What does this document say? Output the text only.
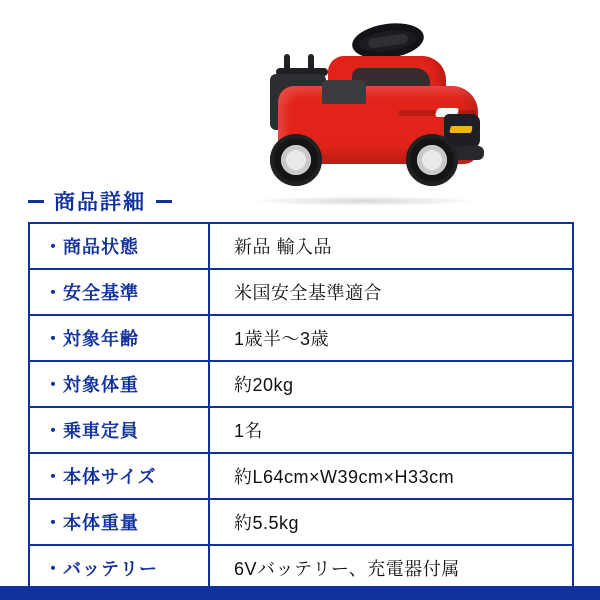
商品詳細
・商品状態	新品 輸入品
・安全基準	米国安全基準適合
・対象年齢	1歳半〜3歳
・対象体重	約20kg
・乗車定員	1名
・本体サイズ	約L64cm×W39cm×H33cm
・本体重量	約5.5kg
・バッテリー	6Vバッテリー、充電器付属
